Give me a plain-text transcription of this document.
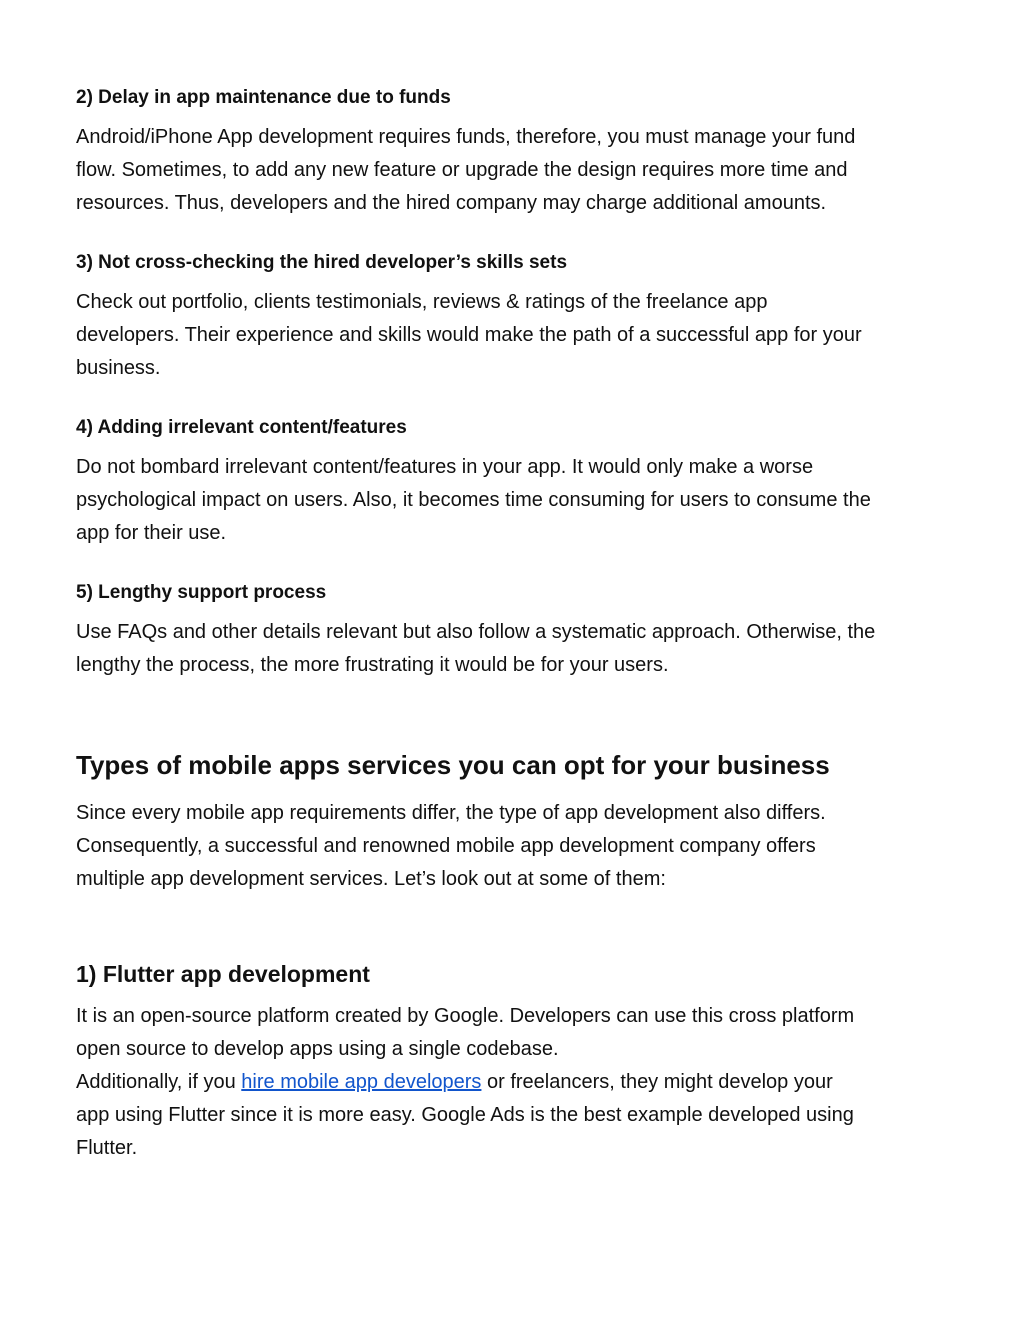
2) Delay in app maintenance due to funds
Android/iPhone App development requires funds, therefore, you must manage your fund
flow. Sometimes, to add any new feature or upgrade the design requires more time and
resources. Thus, developers and the hired company may charge additional amounts.
3) Not cross-checking the hired developer’s skills sets
Check out portfolio, clients testimonials, reviews & ratings of the freelance app
developers. Their experience and skills would make the path of a successful app for your
business.
4) Adding irrelevant content/features
Do not bombard irrelevant content/features in your app. It would only make a worse
psychological impact on users. Also, it becomes time consuming for users to consume the
app for their use.
5) Lengthy support process
Use FAQs and other details relevant but also follow a systematic approach. Otherwise, the
lengthy the process, the more frustrating it would be for your users.
Types of mobile apps services you can opt for your business
Since every mobile app requirements differ, the type of app development also differs.
Consequently, a successful and renowned mobile app development company offers
multiple app development services. Let’s look out at some of them:
1) Flutter app development
It is an open-source platform created by Google. Developers can use this cross platform
open source to develop apps using a single codebase.
Additionally, if you hire mobile app developers or freelancers, they might develop your
app using Flutter since it is more easy. Google Ads is the best example developed using
Flutter.
